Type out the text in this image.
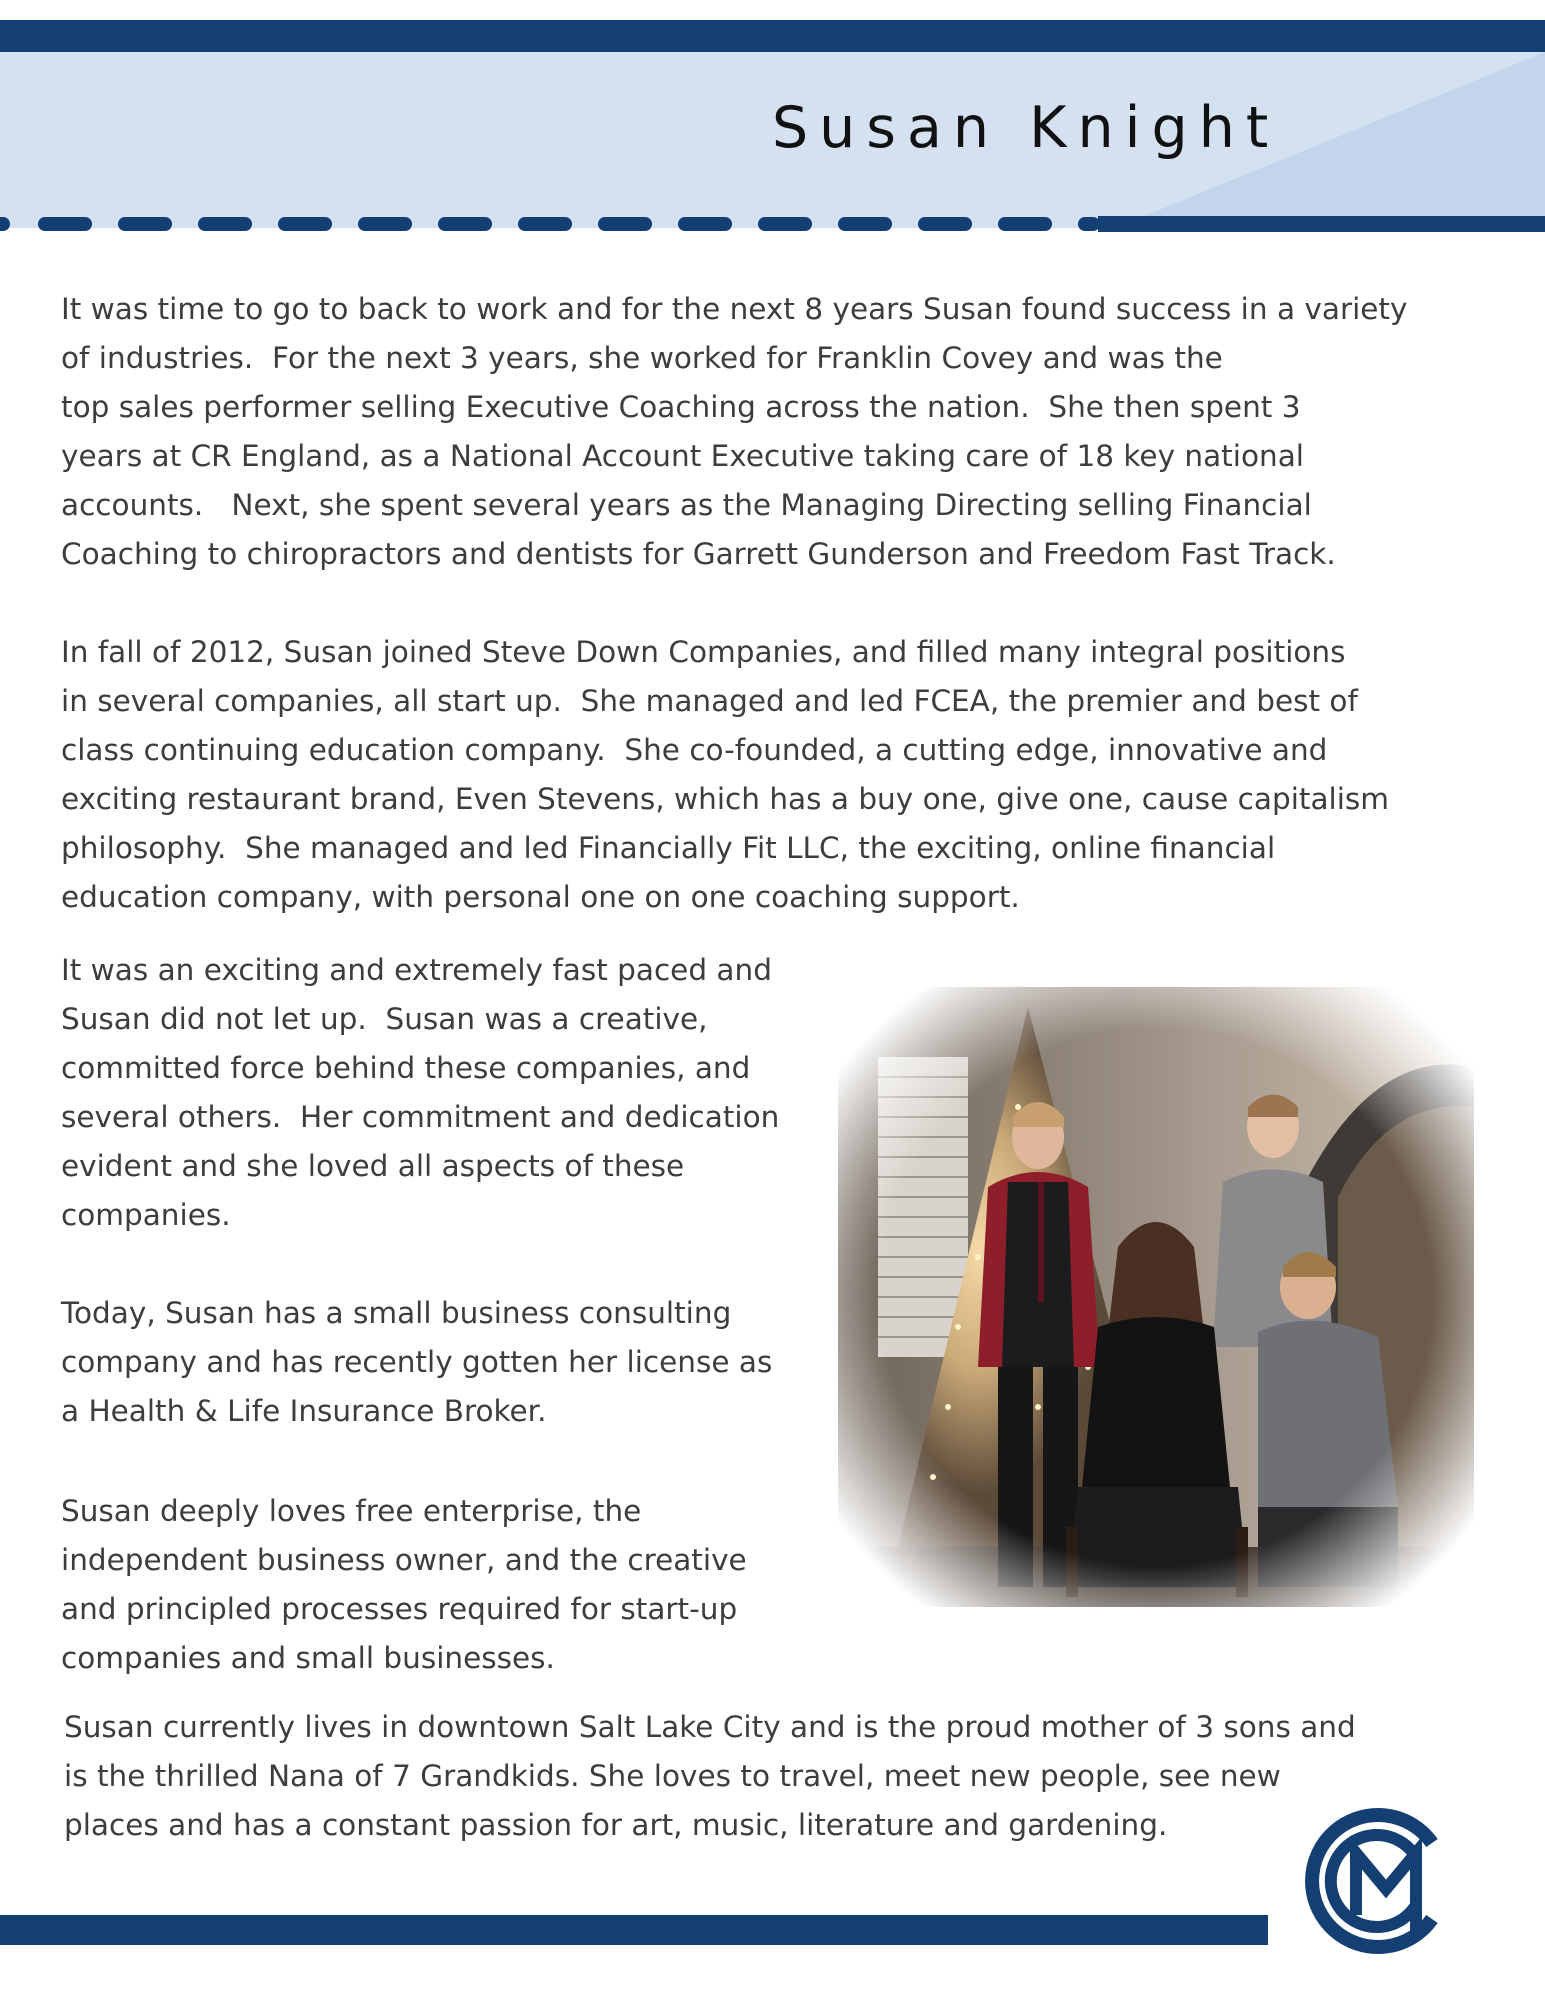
Susan Knight

It was time to go to back to work and for the next 8 years Susan found success in a variety
of industries.  For the next 3 years, she worked for Franklin Covey and was the
top sales performer selling Executive Coaching across the nation.  She then spent 3
years at CR England, as a National Account Executive taking care of 18 key national
accounts.   Next, she spent several years as the Managing Directing selling Financial
Coaching to chiropractors and dentists for Garrett Gunderson and Freedom Fast Track.

In fall of 2012, Susan joined Steve Down Companies, and filled many integral positions
in several companies, all start up.  She managed and led FCEA, the premier and best of
class continuing education company.  She co-founded, a cutting edge, innovative and
exciting restaurant brand, Even Stevens, which has a buy one, give one, cause capitalism
philosophy.  She managed and led Financially Fit LLC, the exciting, online financial
education company, with personal one on one coaching support.

It was an exciting and extremely fast paced and
Susan did not let up.  Susan was a creative,
committed force behind these companies, and
several others.  Her commitment and dedication
evident and she loved all aspects of these
companies.

Today, Susan has a small business consulting
company and has recently gotten her license as
a Health & Life Insurance Broker.

Susan deeply loves free enterprise, the
independent business owner, and the creative
and principled processes required for start-up
companies and small businesses.

Susan currently lives in downtown Salt Lake City and is the proud mother of 3 sons and
is the thrilled Nana of 7 Grandkids. She loves to travel, meet new people, see new
places and has a constant passion for art, music, literature and gardening.
